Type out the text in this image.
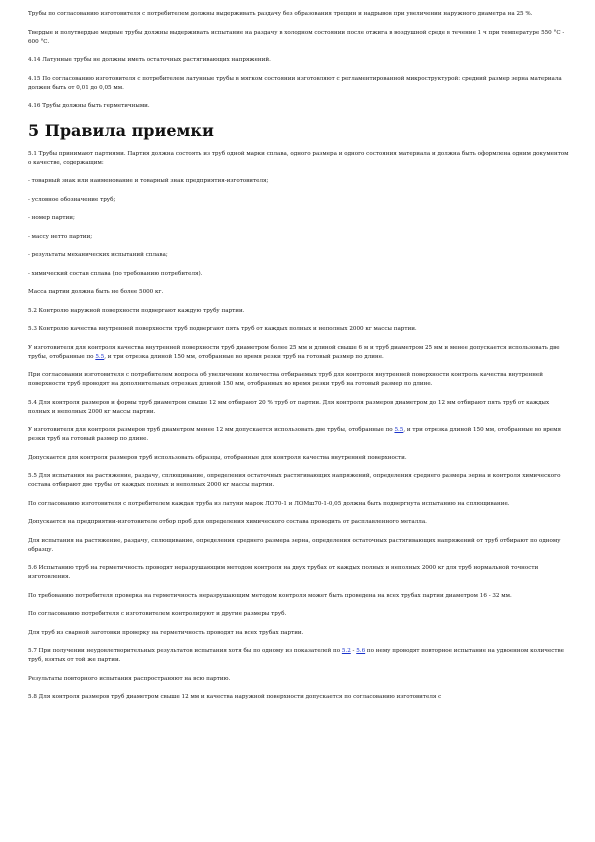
Трубы по согласованию изготовителя с потребителем должны выдерживать раздачу без образования трещин и надрывов при увеличении наружного диаметра на 25 %.

Твердые и полутвердые медные трубы должны выдерживать испытание на раздачу в холодном состоянии после отжига в воздушной среде в течение 1 ч при температуре 550 °С - 600 °С.

4.14 Латунные трубы не должны иметь остаточных растягивающих напряжений.

4.15 По согласованию изготовителя с потребителем латунные трубы в мягком состоянии изготовляют с регламентированной микроструктурой: средний размер зерна материала должен быть от 0,01 до 0,05 мм.

4.16 Трубы должны быть герметичными.

5 Правила приемки

5.1 Трубы принимают партиями. Партия должна состоять из труб одной марки сплава, одного размера и одного состояния материала и должна быть оформлена одним документом о качестве, содержащим:

- товарный знак или наименование и товарный знак предприятия-изготовителя;

- условное обозначение труб;

- номер партии;

- массу нетто партии;

- результаты механических испытаний сплава;

- химический состав сплава (по требованию потребителя).

Масса партии должна быть не более 5000 кг.

5.2 Контролю наружной поверхности подвергают каждую трубу партии.

5.3 Контролю качества внутренней поверхности труб подвергают пять труб от каждых полных и неполных 2000 кг массы партии.

У изготовителя для контроля качества внутренней поверхности труб диаметром более 25 мм и длиной свыше 6 м и труб диаметром 25 мм и менее допускается использовать две трубы, отобранные по 5.5, и три отрезка длиной 150 мм, отобранные во время резки труб на готовый размер по длине.

При согласовании изготовителя с потребителем вопроса об увеличении количества отбираемых труб для контроля внутренней поверхности контроль качества внутренней поверхности труб проводят на дополнительных отрезках длиной 150 мм, отобранных во время резки труб на готовый размер по длине.

5.4 Для контроля размеров и формы труб диаметром свыше 12 мм отбирают 20 % труб от партии. Для контроля размеров диаметром до 12 мм отбирают пять труб от каждых полных и неполных 2000 кг массы партии.

У изготовителя для контроля размеров труб диаметром менее 12 мм допускается использовать две трубы, отобранные по 5.5, и три отрезка длиной 150 мм, отобранные во время резки труб на готовый размер по длине.

Допускается для контроля размеров труб использовать образцы, отобранные для контроля качества внутренней поверхности.

5.5 Для испытания на растяжение, раздачу, сплющивание, определения остаточных растягивающих напряжений, определения среднего размера зерна и контроля химического состава отбирают две трубы от каждых полных и неполных 2000 кг массы партии.

По согласованию изготовителя с потребителем каждая труба из латуни марок ЛО70-1 и ЛОМш70-1-0,05 должна быть подвергнута испытанию на сплющивание.

Допускается на предприятии-изготовителе отбор проб для определения химического состава проводить от расплавленного металла.

Для испытания на растяжение, раздачу, сплющивание, определения среднего размера зерна, определения остаточных растягивающих напряжений от труб отбирают по одному образцу.

5.6 Испытанию труб на герметичность проводят неразрушающим методом контроля на двух трубах от каждых полных и неполных 2000 кг для труб нормальной точности изготовления.

По требованию потребителя проверка на герметичность неразрушающим методом контроля может быть проведена на всех трубах партии диаметром 16 - 32 мм.

По согласованию потребителя с изготовителем контролируют и другие размеры труб.

Для труб из сварной заготовки проверку на герметичность проводят на всех трубах партии.

5.7 При получении неудовлетворительных результатов испытания хотя бы по одному из показателей по 5.2 - 5.6 по нему проводят повторное испытание на удвоенном количестве труб, взятых от той же партии.

Результаты повторного испытания распространяют на всю партию.

5.8 Для контроля размеров труб диаметром свыше 12 мм и качества наружной поверхности допускается по согласованию изготовителя с
